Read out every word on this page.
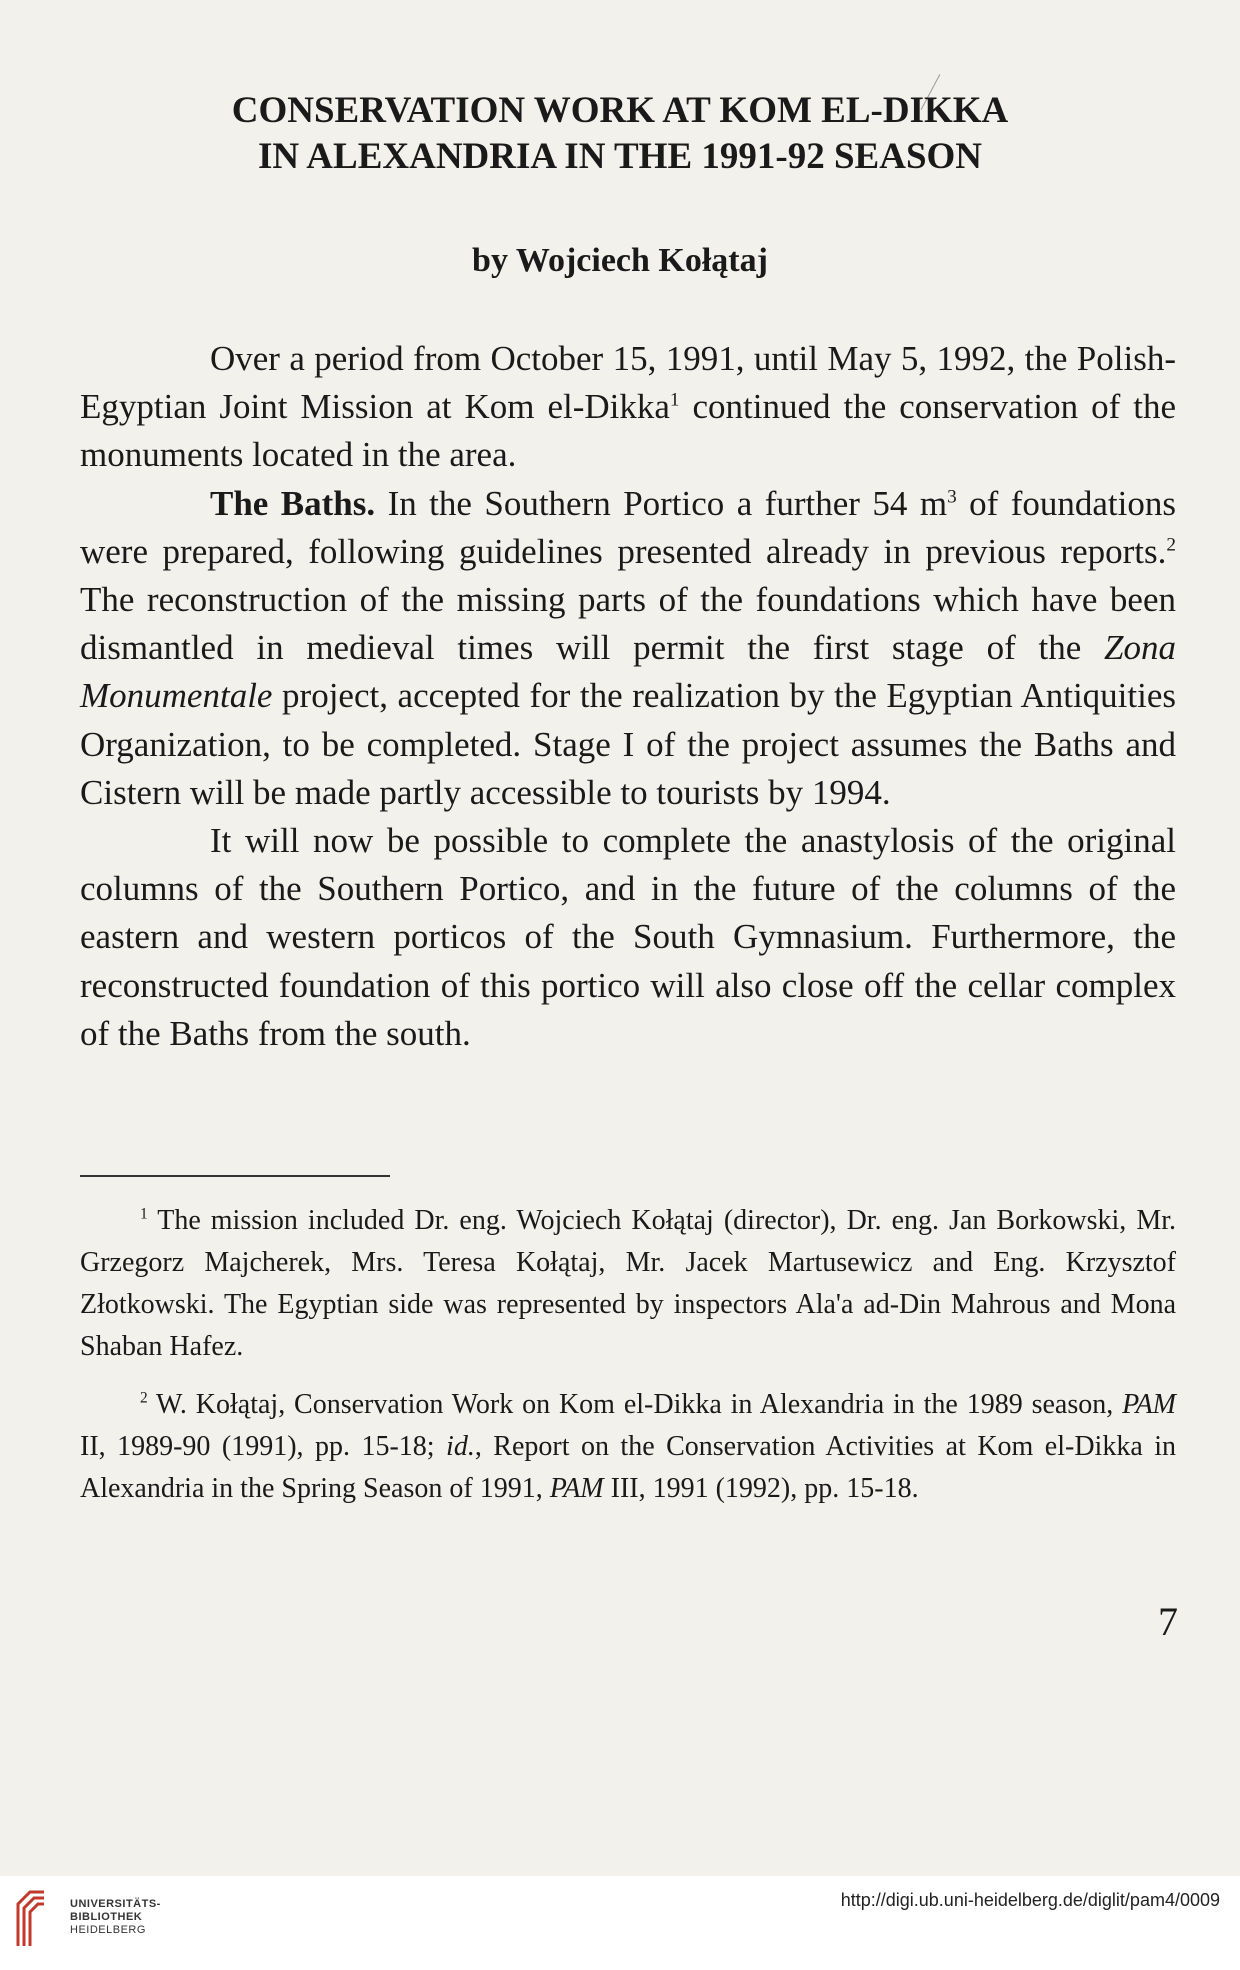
CONSERVATION WORK AT KOM EL-DIKKA
IN ALEXANDRIA IN THE 1991-92 SEASON

by Wojciech Kołątaj

Over a period from October 15, 1991, until May 5, 1992, the Polish-Egyptian Joint Mission at Kom el-Dikka$^1$ continued the conservation of the monuments located in the area.

The Baths. In the Southern Portico a further 54 $m^3$ of foundations were prepared, following guidelines presented already in previous reports.$^2$ The reconstruction of the missing parts of the foundations which have been dismantled in medieval times will permit the first stage of the Zona Monumentale project, accepted for the realization by the Egyptian Antiquities Organization, to be completed. Stage I of the project assumes the Baths and Cistern will be made partly accessible to tourists by 1994.

It will now be possible to complete the anastylosis of the original columns of the Southern Portico, and in the future of the columns of the eastern and western porticos of the South Gymnasium. Furthermore, the reconstructed foundation of this portico will also close off the cellar complex of the Baths from the south.

$^1$ The mission included Dr. eng. Wojciech Kołątaj (director), Dr. eng. Jan Borkowski, Mr. Grzegorz Majcherek, Mrs. Teresa Kołątaj, Mr. Jacek Martusewicz and Eng. Krzysztof Złotkowski. The Egyptian side was represented by inspectors Ala'a ad-Din Mahrous and Mona Shaban Hafez.

$^2$ W. Kołątaj, Conservation Work on Kom el-Dikka in Alexandria in the 1989 season, PAM II, 1989-90 (1991), pp. 15-18; id., Report on the Conservation Activities at Kom el-Dikka in Alexandria in the Spring Season of 1991, PAM III, 1991 (1992), pp. 15-18.

7

UNIVERSITÄTS-
BIBLIOTHEK
HEIDELBERG
http://digi.ub.uni-heidelberg.de/diglit/pam4/0009
